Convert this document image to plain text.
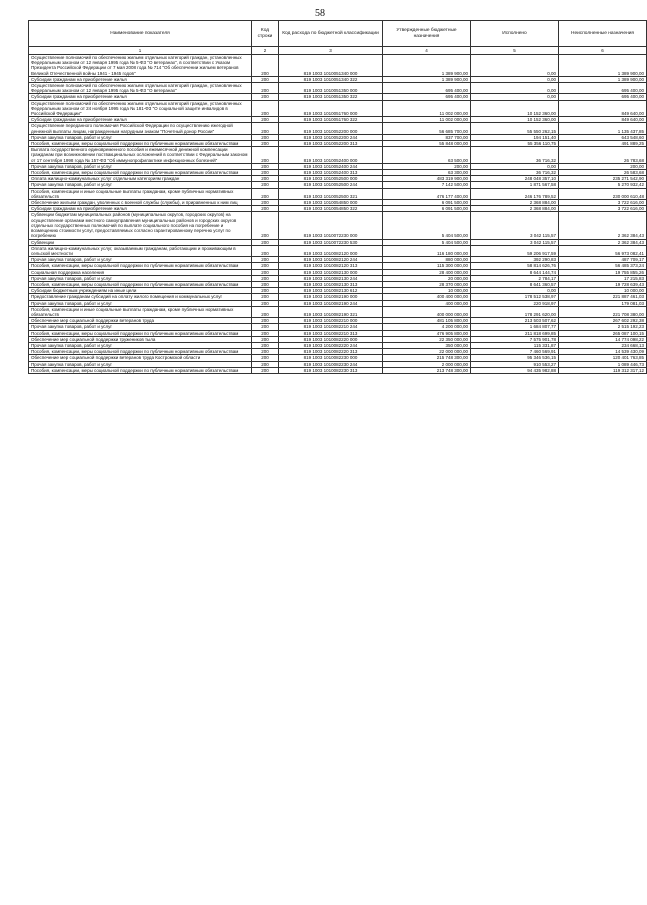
58
Наименование показателя	Код строки	Код расхода по бюджетной классификации	Утвержденные бюджетные назначения	Исполнено	Неисполненные назначения
1	2	3	4	5	6
Осуществление полномочий по обеспечению жильем отдельных категорий граждан, установленных Федеральным законом от 12 января 1995 года № 5-ФЗ "О ветеранах", в соответствии с Указом Президента Российской Федерации от 7 мая 2008 года № 714 "Об обеспечении жильем ветеранов Великой Отечественной войны 1941 - 1945 годов"	200	819 1003 1010051340 000	1 389 900,00	0,00	1 389 900,00
Субсидии гражданам на приобретение жилья	200	819 1003 1010051340 322	1 389 900,00	0,00	1 389 900,00
Осуществление полномочий по обеспечению жильем отдельных категорий граждан, установленных Федеральным законом от 12 января 1995 года № 5-ФЗ "О ветеранах"	200	819 1003 1010051350 000	695 400,00	0,00	695 400,00
Субсидии гражданам на приобретение жилья	200	819 1003 1010051350 322	695 400,00	0,00	695 400,00
Осуществление полномочий по обеспечению жильем отдельных категорий граждан, установленных Федеральным законом от 24 ноября 1995 года № 181-ФЗ "О социальной защите инвалидов в Российской Федерации"	200	819 1003 1010051760 000	11 002 000,00	10 152 360,00	849 640,00
Субсидии гражданам на приобретение жилья	200	819 1003 1010051760 322	11 002 000,00	10 152 360,00	849 640,00
Осуществление переданного полномочия Российской Федерации по осуществлению ежегодной денежной выплаты лицам, награжденным нагрудным знаком "Почетный донор России"	200	819 1003 1010052200 000	56 685 700,00	55 550 262,15	1 135 437,85
Прочая закупка товаров, работ и услуг	200	819 1003 1010052200 244	837 700,00	194 151,40	643 548,60
Пособия, компенсации, меры социальной поддержки по публичным нормативным обязательствам	200	819 1003 1010052200 313	55 848 000,00	55 356 110,75	491 889,25
Выплата государственного единовременного пособия и ежемесячной денежной компенсации гражданам при возникновении поствакцинальных осложнений в соответствии с Федеральным законом от 17 сентября 1998 года № 157-ФЗ "Об иммунопрофилактике инфекционных болезней"	200	819 1003 1010052400 000	63 500,00	36 716,32	26 783,68
Прочая закупка товаров, работ и услуг	200	819 1003 1010052400 244	200,00	0,00	200,00
Пособия, компенсации, меры социальной поддержки по публичным нормативным обязательствам	200	819 1003 1010052400 313	63 300,00	36 716,32	26 583,68
Оплата жилищно-коммунальных услуг отдельным категориям граждан	200	819 1003 1010052500 000	483 319 900,00	248 048 357,10	235 271 542,90
Прочая закупка товаров, работ и услуг	200	819 1003 1010052500 244	7 142 500,00	1 871 567,58	5 270 932,42
Пособия, компенсации и иные социальные выплаты гражданам, кроме публичных нормативных обязательств	200	819 1003 1010052500 321	476 177 400,00	246 176 789,52	230 000 610,48
Обеспечение жильем граждан, уволенных с военной службы (службы), и приравненных к ним лиц	200	819 1003 1010054850 000	6 091 500,00	2 368 884,00	3 722 616,00
Субсидии гражданам на приобретение жилья	200	819 1003 1010054850 322	6 091 500,00	2 368 884,00	3 722 616,00
Субвенции бюджетам муниципальных районов (муниципальных округов, городских округов) на осуществление органами местного самоуправления муниципальных районов и городских округов отдельных государственных полномочий по выплате социального пособия на погребение и возмещению стоимости услуг, предоставляемых согласно гарантированному перечню услуг по погребению	200	819 1003 1010072230 000	5 404 500,00	3 042 115,57	2 362 384,43
Субвенции	200	819 1003 1010072230 530	5 404 500,00	3 042 115,57	2 362 384,43
Оплата жилищно-коммунальных услуг, оказываемым гражданам, работающим и проживающим в сельской местности	200	819 1003 1010082120 000	116 180 000,00	59 206 917,59	56 973 082,41
Прочая закупка товаров, работ и услуг	200	819 1003 1010082120 244	880 000,00	392 290,83	487 709,17
Пособия, компенсации, меры социальной поддержки по публичным нормативным обязательствам	200	819 1003 1010082120 313	115 300 000,00	58 814 626,76	56 485 373,24
Социальная поддержка населения	200	819 1003 1010082130 000	28 400 000,00	8 644 144,74	19 755 855,26
Прочая закупка товаров, работ и услуг	200	819 1003 1010082130 244	20 000,00	2 784,17	17 215,83
Пособия, компенсации, меры социальной поддержки по публичным нормативным обязательствам	200	819 1003 1010082130 313	28 370 000,00	8 641 360,57	19 728 639,43
Субсидии бюджетным учреждениям на иные цели	200	819 1003 1010082130 612	10 000,00	0,00	10 000,00
Предоставление гражданам субсидий на оплату жилого помещения и коммунальных услуг	200	819 1003 1010082190 000	400 400 000,00	178 512 538,97	221 887 461,03
Прочая закупка товаров, работ и услуг	200	819 1003 1010082190 244	400 000,00	220 918,97	179 081,03
Пособия, компенсации и иные социальные выплаты гражданам, кроме публичных нормативных обязательств	200	819 1003 1010082190 321	400 000 000,00	178 291 620,00	221 708 380,00
Обеспечение мер социальной поддержки ветеранов труда	200	819 1003 1010082210 000	481 105 800,00	213 503 507,62	267 602 292,38
Прочая закупка товаров, работ и услуг	200	819 1003 1010082210 244	4 200 000,00	1 684 807,77	2 515 192,23
Пособия, компенсации, меры социальной поддержки по публичным нормативным обязательствам	200	819 1003 1010082210 313	476 905 800,00	211 818 699,85	265 087 100,15
Обеспечение мер социальной поддержки тружеников тыла	200	819 1003 1010082220 000	22 350 000,00	7 575 901,78	14 774 098,22
Прочая закупка товаров, работ и услуг	200	819 1003 1010082220 244	350 000,00	115 331,87	234 668,13
Пособия, компенсации, меры социальной поддержки по публичным нормативным обязательствам	200	819 1003 1010082220 313	22 000 000,00	7 460 569,91	14 539 430,09
Обеспечение мер социальной поддержки ветеранов труда Костромской области	200	819 1003 1010082230 000	215 748 300,00	95 346 536,15	120 401 763,85
Прочая закупка товаров, работ и услуг	200	819 1003 1010082230 244	2 000 000,00	910 553,27	1 089 446,73
Пособия, компенсации, меры социальной поддержки по публичным нормативным обязательствам	200	819 1003 1010082230 313	213 748 300,00	94 435 982,88	119 312 317,12
